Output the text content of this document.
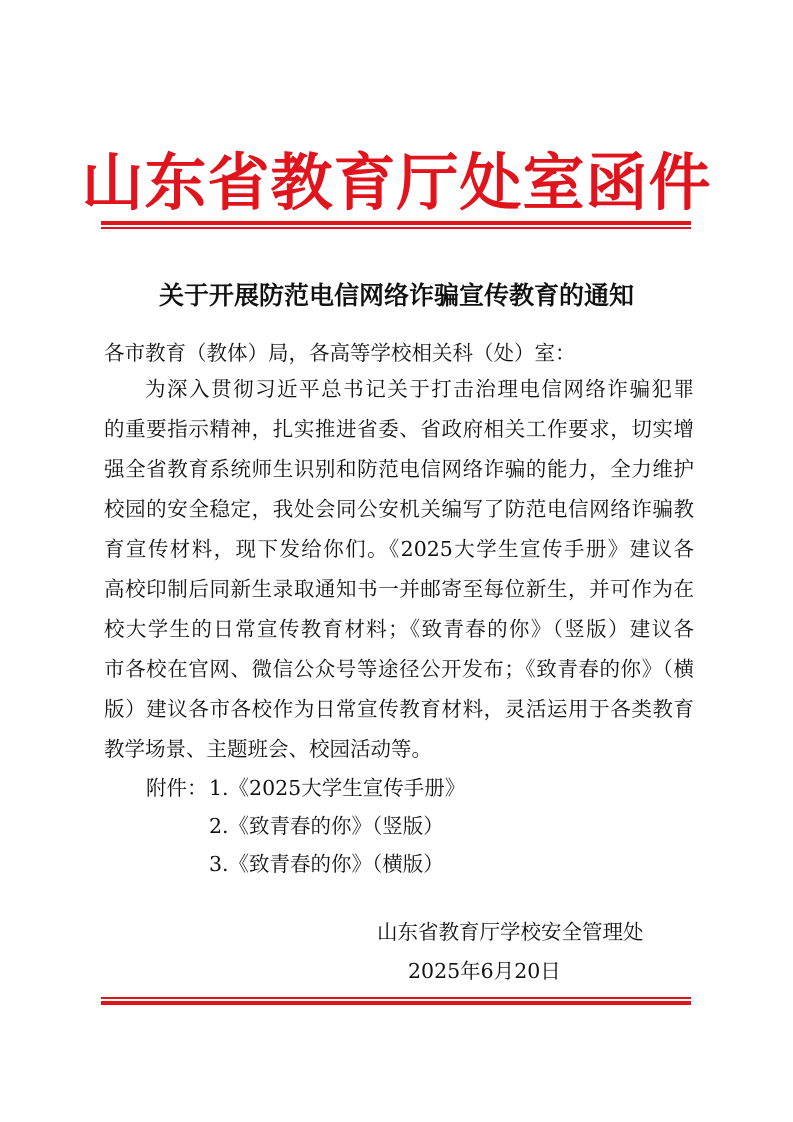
山东省教育厅处室函件
关于开展防范电信网络诈骗宣传教育的通知
各市教育（教体）局，各高等学校相关科（处）室：
为深入贯彻习近平总书记关于打击治理电信网络诈骗犯罪
的重要指示精神，扎实推进省委、省政府相关工作要求，切实增
强全省教育系统师生识别和防范电信网络诈骗的能力，全力维护
校园的安全稳定，我处会同公安机关编写了防范电信网络诈骗教
育宣传材料，现下发给你们。《2025大学生宣传手册》建议各
高校印制后同新生录取通知书一并邮寄至每位新生，并可作为在
校大学生的日常宣传教育材料；《致青春的你》（竖版）建议各
市各校在官网、微信公众号等途径公开发布；《致青春的你》（横
版）建议各市各校作为日常宣传教育材料，灵活运用于各类教育
教学场景、主题班会、校园活动等。
附件： 1.《2025大学生宣传手册》
2.《致青春的你》（竖版）
3.《致青春的你》（横版）
山东省教育厅学校安全管理处
2025年6月20日
